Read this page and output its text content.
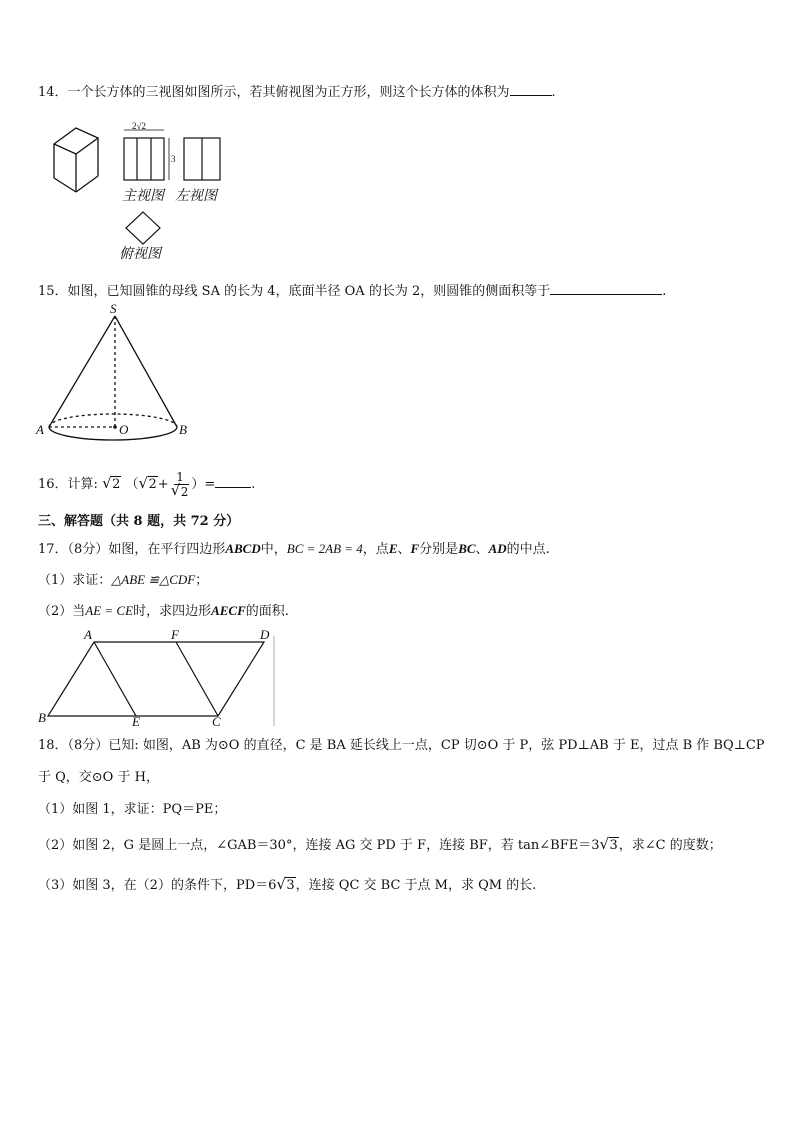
14．一个长方体的三视图如图所示，若其俯视图为正方形，则这个长方体的体积为	.
2√2
3
主视图 左视图
俯视图
15．如图，已知圆锥的母线 SA 的长为 4，底面半径 OA 的长为 2，则圆锥的侧面积等于	.
S
A	O	B
16．计算: √ 2 （ √ $2+ \frac{1}{√ 2}$ ）=	.
三、解答题（共 8 题，共 72 分）
17．（8分）如图，在平行四边形ABCD中，BC = 2AB = 4，点E、F分别是BC、AD的中点.
（1）求证：△ABE ≌△CDF；
（2）当AE = CE时，求四边形AECF的面积.
A	F	D
B	E	C
18．（8分）已知: 如图，AB 为⊙O 的直径，C 是 BA 延长线上一点，CP 切⊙O 于 P，弦 PD⊥AB 于 E，过点 B 作 BQ⊥CP
于 Q，交⊙O 于 H，
（1）如图 1，求证：PQ＝PE；
（2）如图 2，G 是圆上一点，∠GAB＝30°，连接 AG 交 PD 于 F，连接 BF，若 tan∠BFE＝3 √ 3，求∠C 的度数；
（3）如图 3，在（2）的条件下，PD＝6 √ 3，连接 QC 交 BC 于点 M，求 QM 的长.
